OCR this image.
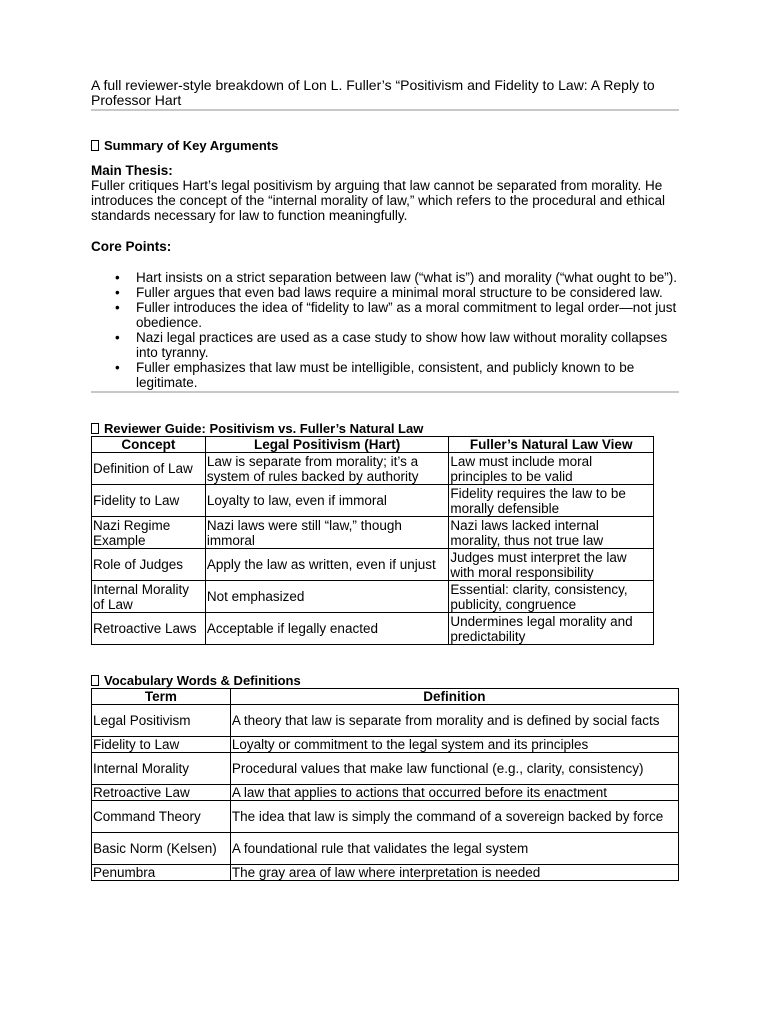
A full reviewer-style breakdown of Lon L. Fuller’s “Positivism and Fidelity to Law: A Reply to Professor Hart

Summary of Key Arguments

Main Thesis:

Fuller critiques Hart’s legal positivism by arguing that law cannot be separated from morality. He introduces the concept of the “internal morality of law,” which refers to the procedural and ethical standards necessary for law to function meaningfully.

Core Points:

• Hart insists on a strict separation between law (“what is”) and morality (“what ought to be”).
• Fuller argues that even bad laws require a minimal moral structure to be considered law.
• Fuller introduces the idea of “fidelity to law” as a moral commitment to legal order—not just obedience.
• Nazi legal practices are used as a case study to show how law without morality collapses into tyranny.
• Fuller emphasizes that law must be intelligible, consistent, and publicly known to be legitimate.

Reviewer Guide: Positivism vs. Fuller’s Natural Law

Concept	Legal Positivism (Hart)	Fuller’s Natural Law View
Definition of Law	Law is separate from morality; it’s a system of rules backed by authority	Law must include moral principles to be valid
Fidelity to Law	Loyalty to law, even if immoral	Fidelity requires the law to be morally defensible
Nazi Regime Example	Nazi laws were still “law,” though immoral	Nazi laws lacked internal morality, thus not true law
Role of Judges	Apply the law as written, even if unjust	Judges must interpret the law with moral responsibility
Internal Morality of Law	Not emphasized	Essential: clarity, consistency, publicity, congruence
Retroactive Laws	Acceptable if legally enacted	Undermines legal morality and predictability

Vocabulary Words & Definitions

Term	Definition
Legal Positivism	A theory that law is separate from morality and is defined by social facts
Fidelity to Law	Loyalty or commitment to the legal system and its principles
Internal Morality	Procedural values that make law functional (e.g., clarity, consistency)
Retroactive Law	A law that applies to actions that occurred before its enactment
Command Theory	The idea that law is simply the command of a sovereign backed by force
Basic Norm (Kelsen)	A foundational rule that validates the legal system
Penumbra	The gray area of law where interpretation is needed
